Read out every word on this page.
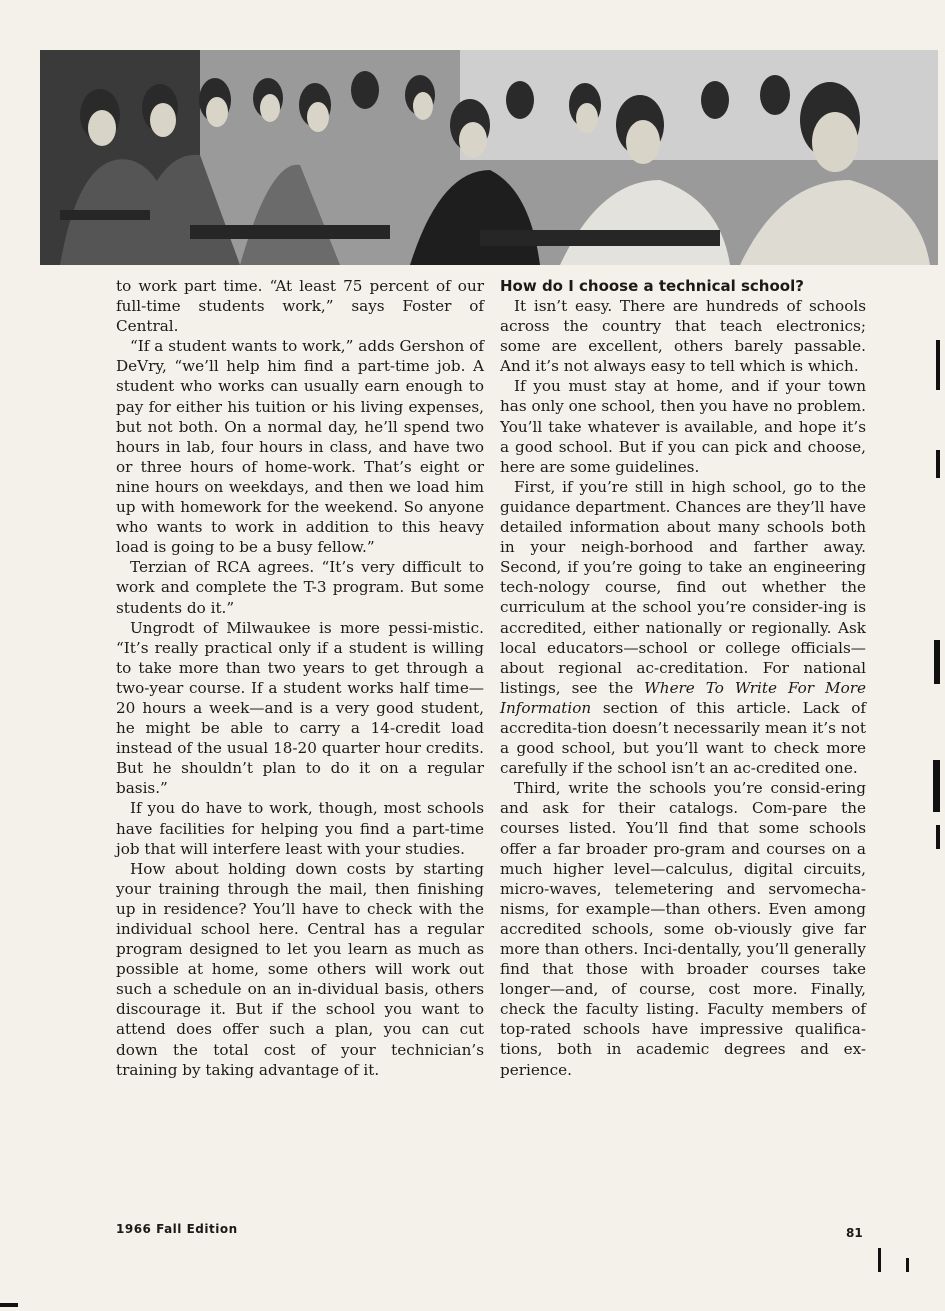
to work part time. “At least 75 percent of our full-time students work,” says Foster of Central.

“If a student wants to work,” adds Gershon of DeVry, “we’ll help him find a part-time job. A student who works can usually earn enough to pay for either his tuition or his living expenses, but not both. On a normal day, he’ll spend two hours in lab, four hours in class, and have two or three hours of home-work. That’s eight or nine hours on weekdays, and then we load him up with homework for the weekend. So anyone who wants to work in addition to this heavy load is going to be a busy fellow.”

Terzian of RCA agrees. “It’s very difficult to work and complete the T-3 program. But some students do it.”

Ungrodt of Milwaukee is more pessi-mistic. “It’s really practical only if a student is willing to take more than two years to get through a two-year course. If a student works half time—20 hours a week—and is a very good student, he might be able to carry a 14-credit load instead of the usual 18-20 quarter hour credits. But he shouldn’t plan to do it on a regular basis.”

If you do have to work, though, most schools have facilities for helping you find a part-time job that will interfere least with your studies.

How about holding down costs by starting your training through the mail, then finishing up in residence? You’ll have to check with the individual school here. Central has a regular program designed to let you learn as much as possible at home, some others will work out such a schedule on an in-dividual basis, others discourage it. But if the school you want to attend does offer such a plan, you can cut down the total cost of your technician’s training by taking advantage of it.

How do I choose a technical school?

It isn’t easy. There are hundreds of schools across the country that teach electronics; some are excellent, others barely passable. And it’s not always easy to tell which is which.

If you must stay at home, and if your town has only one school, then you have no problem. You’ll take whatever is available, and hope it’s a good school. But if you can pick and choose, here are some guidelines.

First, if you’re still in high school, go to the guidance department. Chances are they’ll have detailed information about many schools both in your neigh-borhood and farther away. Second, if you’re going to take an engineering tech-nology course, find out whether the curriculum at the school you’re consider-ing is accredited, either nationally or regionally. Ask local educators—school or college officials—about regional ac-creditation. For national listings, see the Where To Write For More Information section of this article. Lack of accredita-tion doesn’t necessarily mean it’s not a good school, but you’ll want to check more carefully if the school isn’t an ac-credited one.

Third, write the schools you’re consid-ering and ask for their catalogs. Com-pare the courses listed. You’ll find that some schools offer a far broader pro-gram and courses on a much higher level—calculus, digital circuits, micro-waves, telemetering and servomecha-nisms, for example—than others. Even among accredited schools, some ob-viously give far more than others. Inci-dentally, you’ll generally find that those with broader courses take longer—and, of course, cost more. Finally, check the faculty listing. Faculty members of top-rated schools have impressive qualifica-tions, both in academic degrees and ex-perience.

1966 Fall Edition	81
